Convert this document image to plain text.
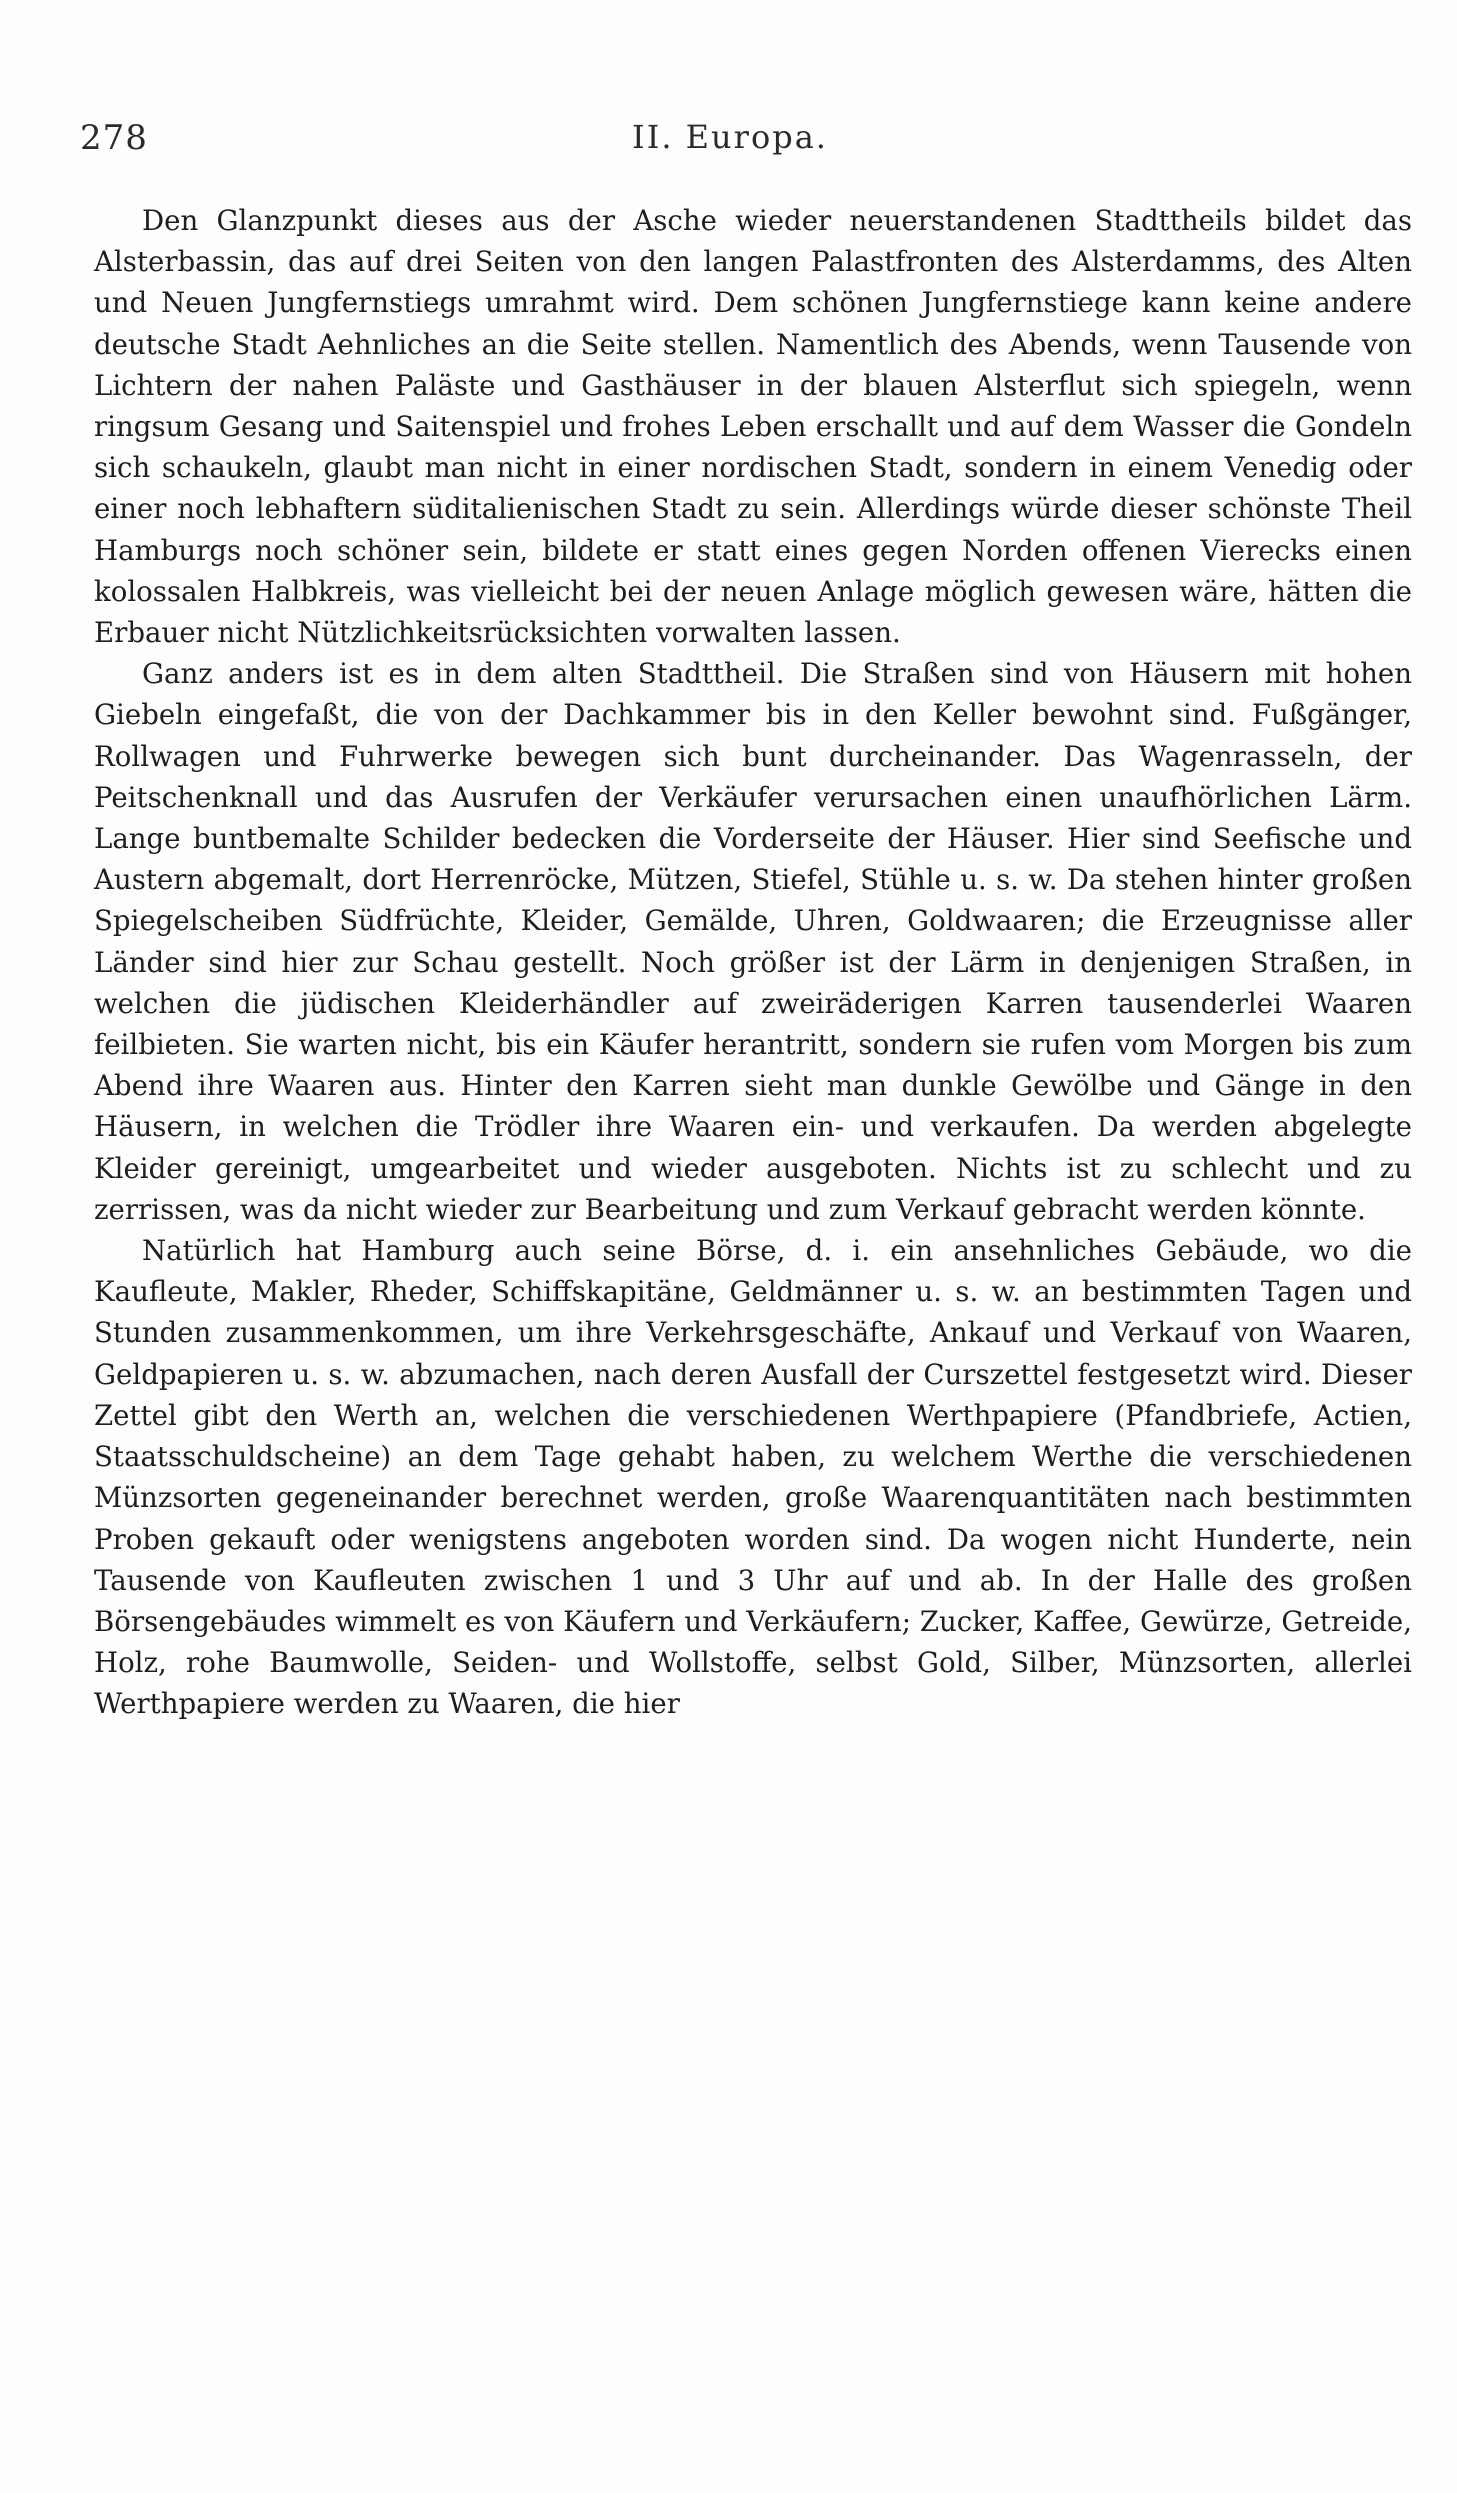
278	II. Europa.

Den Glanzpunkt dieses aus der Asche wieder neuerstandenen Stadttheils bildet das Alsterbassin, das auf drei Seiten von den langen Palastfronten des Alsterdamms, des Alten und Neuen Jungfernstiegs umrahmt wird. Dem schönen Jungfernstiege kann keine andere deutsche Stadt Aehnliches an die Seite stellen. Namentlich des Abends, wenn Tausende von Lichtern der nahen Paläste und Gasthäuser in der blauen Alsterflut sich spiegeln, wenn ringsum Gesang und Saitenspiel und frohes Leben erschallt und auf dem Wasser die Gondeln sich schaukeln, glaubt man nicht in einer nordischen Stadt, sondern in einem Venedig oder einer noch lebhaftern süditalienischen Stadt zu sein. Allerdings würde dieser schönste Theil Hamburgs noch schöner sein, bildete er statt eines gegen Norden offenen Vierecks einen kolossalen Halbkreis, was vielleicht bei der neuen Anlage möglich gewesen wäre, hätten die Erbauer nicht Nützlichkeitsrücksichten vorwalten lassen.

Ganz anders ist es in dem alten Stadttheil. Die Straßen sind von Häusern mit hohen Giebeln eingefaßt, die von der Dachkammer bis in den Keller bewohnt sind. Fußgänger, Rollwagen und Fuhrwerke bewegen sich bunt durcheinander. Das Wagenrasseln, der Peitschenknall und das Ausrufen der Verkäufer verursachen einen unaufhörlichen Lärm. Lange buntbemalte Schilder bedecken die Vorderseite der Häuser. Hier sind Seefische und Austern abgemalt, dort Herrenröcke, Mützen, Stiefel, Stühle u. s. w. Da stehen hinter großen Spiegelscheiben Südfrüchte, Kleider, Gemälde, Uhren, Goldwaaren; die Erzeugnisse aller Länder sind hier zur Schau gestellt. Noch größer ist der Lärm in denjenigen Straßen, in welchen die jüdischen Kleiderhändler auf zweiräderigen Karren tausenderlei Waaren feilbieten. Sie warten nicht, bis ein Käufer herantritt, sondern sie rufen vom Morgen bis zum Abend ihre Waaren aus. Hinter den Karren sieht man dunkle Gewölbe und Gänge in den Häusern, in welchen die Trödler ihre Waaren ein- und verkaufen. Da werden abgelegte Kleider gereinigt, umgearbeitet und wieder ausgeboten. Nichts ist zu schlecht und zu zerrissen, was da nicht wieder zur Bearbeitung und zum Verkauf gebracht werden könnte.

Natürlich hat Hamburg auch seine Börse, d. i. ein ansehnliches Gebäude, wo die Kaufleute, Makler, Rheder, Schiffskapitäne, Geldmänner u. s. w. an bestimmten Tagen und Stunden zusammenkommen, um ihre Verkehrsgeschäfte, Ankauf und Verkauf von Waaren, Geldpapieren u. s. w. abzumachen, nach deren Ausfall der Curszettel festgesetzt wird. Dieser Zettel gibt den Werth an, welchen die verschiedenen Werthpapiere (Pfandbriefe, Actien, Staatsschuldscheine) an dem Tage gehabt haben, zu welchem Werthe die verschiedenen Münzsorten gegeneinander berechnet werden, große Waarenquantitäten nach bestimmten Proben gekauft oder wenigstens angeboten worden sind. Da wogen nicht Hunderte, nein Tausende von Kaufleuten zwischen 1 und 3 Uhr auf und ab. In der Halle des großen Börsengebäudes wimmelt es von Käufern und Verkäufern; Zucker, Kaffee, Gewürze, Getreide, Holz, rohe Baumwolle, Seiden- und Wollstoffe, selbst Gold, Silber, Münzsorten, allerlei Werthpapiere werden zu Waaren, die hier
